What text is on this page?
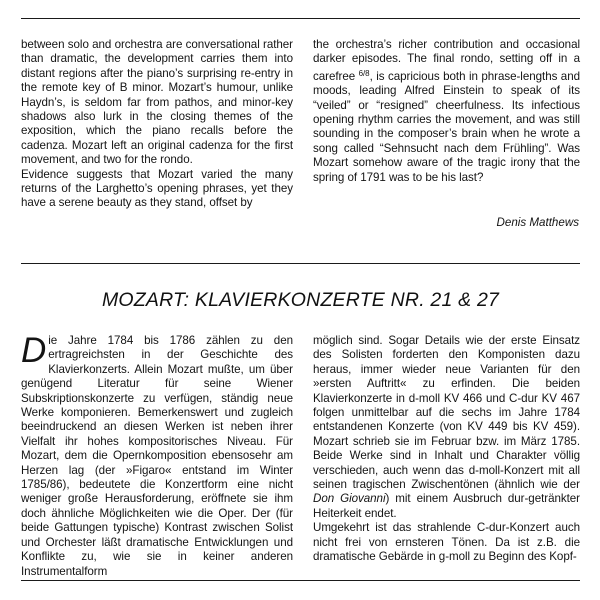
between solo and orchestra are conversational rather than dramatic, the development carries them into distant regions after the piano’s surprising re-entry in the remote key of B minor. Mozart’s humour, unlike Haydn’s, is seldom far from pathos, and minor-key shadows also lurk in the closing themes of the exposition, which the piano recalls before the cadenza. Mozart left an original cadenza for the first movement, and two for the rondo.

Evidence suggests that Mozart varied the many returns of the Larghetto’s opening phrases, yet they have a serene beauty as they stand, offset by

the orchestra’s richer contribution and occasional darker episodes. The final rondo, setting off in a carefree $^{6/8}$, is capricious both in phrase-lengths and moods, leading Alfred Einstein to speak of its “veiled” or “resigned” cheerfulness. Its infectious opening rhythm carries the movement, and was still sounding in the composer’s brain when he wrote a song called “Sehnsucht nach dem Frühling”. Was Mozart somehow aware of the tragic irony that the spring of 1791 was to be his last?

Denis Matthews
MOZART: KLAVIERKONZERTE NR. 21 & 27

Die Jahre 1784 bis 1786 zählen zu den ertragreichsten in der Geschichte des Klavierkonzerts. Allein Mozart mußte, um über genügend Literatur für seine Wiener Subskriptionskonzerte zu verfügen, ständig neue Werke komponieren. Bemerkenswert und zugleich beeindruckend an diesen Werken ist neben ihrer Vielfalt ihr hohes kompositorisches Niveau. Für Mozart, dem die Opernkomposition ebensosehr am Herzen lag (der »Figaro« entstand im Winter 1785/86), bedeutete die Konzertform eine nicht weniger große Herausforderung, eröffnete sie ihm doch ähnliche Möglichkeiten wie die Oper. Der (für beide Gattungen typische) Kontrast zwischen Solist und Orchester läßt dramatische Entwicklungen und Konflikte zu, wie sie in keiner anderen Instrumentalform

möglich sind. Sogar Details wie der erste Einsatz des Solisten forderten den Komponisten dazu heraus, immer wieder neue Varianten für den »ersten Auftritt« zu erfinden. Die beiden Klavierkonzerte in d-moll KV 466 und C-dur KV 467 folgen unmittelbar auf die sechs im Jahre 1784 entstandenen Konzerte (von KV 449 bis KV 459). Mozart schrieb sie im Februar bzw. im März 1785. Beide Werke sind in Inhalt und Charakter völlig verschieden, auch wenn das d-moll-Konzert mit all seinen tragischen Zwischentönen (ähnlich wie der Don Giovanni) mit einem Ausbruch dur-getränkter Heiterkeit endet.

Umgekehrt ist das strahlende C-dur-Konzert auch nicht frei von ernsteren Tönen. Da ist z.B. die dramatische Gebärde in g-moll zu Beginn des Kopf-
